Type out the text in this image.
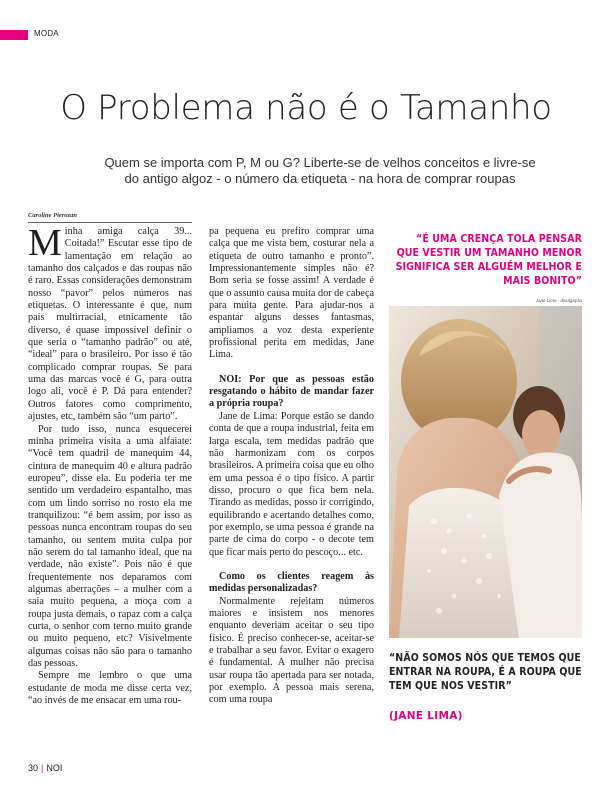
MODA
O Problema não é o Tamanho

Quem se importa com P, M ou G? Liberte-se de velhos conceitos e livre-se do antigo algoz - o número da etiqueta - na hora de comprar roupas

Caroline Pierozan

Minha amiga calça 39... Coitada!” Escutar esse tipo de lamentação em relação ao tamanho dos calçados e das roupas não é raro. Essas considerações demonstram nosso “pavor” pelos números nas etiquetas. O interessante é que, num país multirracial, etnicamente tão diverso, é quase impossível definir o que seria o “tamanho padrão” ou até, “ideal” para o brasileiro. Por isso é tão complicado comprar roupas. Se para uma das marcas você é G, para outra logo ali, você é P. Dá para entender? Outros fatores como comprimento, ajustes, etc, também são “um parto”.

Por tudo isso, nunca esquecerei minha primeira visita a uma alfaiate: “Você tem quadril de manequim 44, cintura de manequim 40 e altura padrão europeu”, disse ela. Eu poderia ter me sentido um verdadeiro espantalho, mas com um lindo sorriso no rosto ela me tranquilizou: “é bem assim, por isso as pessoas nunca encontram roupas do seu tamanho, ou sentem muita culpa por não serem do tal tamanho ideal, que na verdade, não existe”. Pois não é que frequentemente nos deparamos com algumas aberrações – a mulher com a saia muito pequena, a moça com a roupa justa demais, o rapaz com a calça curta, o senhor com terno muito grande ou muito pequeno, etc? Visivelmente algumas coisas não são para o tamanho das pessoas.

Sempre me lembro o que uma estudante de moda me disse certa vez, “ao invés de me ensacar em uma rou-

pa pequena eu prefiro comprar uma calça que me vista bem, costurar nela a etiqueta de outro tamanho e pronto”. Impressionantemente simples não é? Bom seria se fosse assim! A verdade é que o assunto causa muita dor de cabeça para muita gente. Para ajudar-nos a espantar alguns desses fantasmas, ampliamos a voz desta experiente profissional perita em medidas, Jane Lima.

NOI: Por que as pessoas estão resgatando o hábito de mandar fazer a própria roupa?

Jane de Lima: Porque estão se dando conta de que a roupa industrial, feita em larga escala, tem medidas padrão que não harmonizam com os corpos brasileiros. A primeira coisa que eu olho em uma pessoa é o tipo físico. A partir disso, procuro o que fica bem nela. Tirando as medidas, posso ir corrigindo, equilibrando e acertando detalhes como, por exemplo, se uma pessoa é grande na parte de cima do corpo - o decote tem que ficar mais perto do pescoço... etc.

Como os clientes reagem às medidas personalizadas?

Normalmente rejeitam números maiores e insistem nos menores enquanto deveriam aceitar o seu tipo físico. É preciso conhecer-se, aceitar-se e trabalhar a seu favor. Evitar o exagero é fundamental. A mulher não precisa usar roupa tão apertada para ser notada, por exemplo. A pessoa mais serena, com uma roupa

“É UMA CRENÇA TOLA PENSAR QUE VESTIR UM TAMANHO MENOR SIGNIFICA SER ALGUÉM MELHOR E MAIS BONITO”
Jane Lima - divulgação
“NÃO SOMOS NÓS QUE TEMOS QUE ENTRAR NA ROUPA, É A ROUPA QUE TEM QUE NOS VESTIR”
(JANE LIMA)
30 | NOI
